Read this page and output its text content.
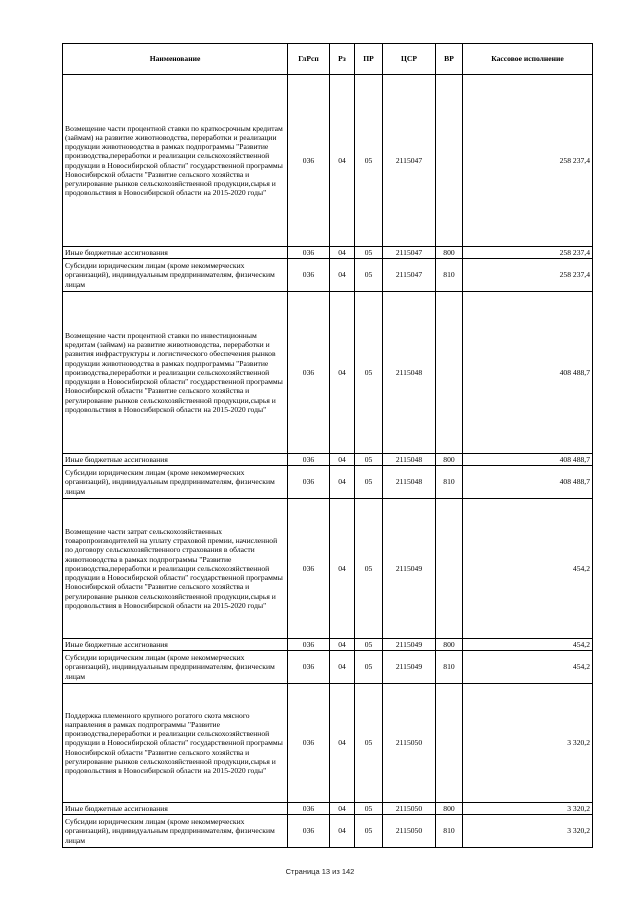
Наименование	ГлРсп	Рз	ПР	ЦСР	ВР	Кассовое исполнение
Возмещение части процентной ставки по краткосрочным кредитам (займам) на развитие животноводства, переработки и реализации продукции животноводства в рамках подпрограммы "Развитие производства,переработки и реализации сельскохозяйственной продукции в Новосибирской области" государственной программы Новосибирской области "Развитие сельского хозяйства и регулирование рынков сельскохозяйственной продукции,сырья и продовольствия в Новосибирской области на 2015-2020 годы"	036	04	05	2115047		258 237,4
Иные бюджетные ассигнования	036	04	05	2115047	800	258 237,4
Субсидии юридическим лицам (кроме некоммерческих организаций), индивидуальным предпринимателям, физическим лицам	036	04	05	2115047	810	258 237,4
Возмещение части процентной ставки по инвестиционным кредитам (займам) на развитие животноводства, переработки и развития инфраструктуры и логистического обеспечения рынков продукции животноводства в рамках подпрограммы "Развитие производства,переработки и реализации сельскохозяйственной продукции в Новосибирской области" государственной программы Новосибирской области "Развитие сельского хозяйства и регулирование рынков сельскохозяйственной продукции,сырья и продовольствия в Новосибирской области на 2015-2020 годы"	036	04	05	2115048		408 488,7
Иные бюджетные ассигнования	036	04	05	2115048	800	408 488,7
Субсидии юридическим лицам (кроме некоммерческих организаций), индивидуальным предпринимателям, физическим лицам	036	04	05	2115048	810	408 488,7
Возмещение части затрат сельскохозяйственных товаропроизводителей на уплату страховой премии, начисленной по договору сельскохозяйственного страхования в области животноводства в рамках подпрограммы "Развитие производства,переработки и реализации сельскохозяйственной продукции в Новосибирской области" государственной программы Новосибирской области "Развитие сельского хозяйства и регулирование рынков сельскохозяйственной продукции,сырья и продовольствия в Новосибирской области на 2015-2020 годы"	036	04	05	2115049		454,2
Иные бюджетные ассигнования	036	04	05	2115049	800	454,2
Субсидии юридическим лицам (кроме некоммерческих организаций), индивидуальным предпринимателям, физическим лицам	036	04	05	2115049	810	454,2
Поддержка племенного крупного рогатого скота мясного направления в рамках подпрограммы "Развитие производства,переработки и реализации сельскохозяйственной продукции в Новосибирской области" государственной программы Новосибирской области "Развитие сельского хозяйства и регулирование рынков сельскохозяйственной продукции,сырья и продовольствия в Новосибирской области на 2015-2020 годы"	036	04	05	2115050		3 320,2
Иные бюджетные ассигнования	036	04	05	2115050	800	3 320,2
Субсидии юридическим лицам (кроме некоммерческих организаций), индивидуальным предпринимателям, физическим лицам	036	04	05	2115050	810	3 320,2
Страница 13 из 142
